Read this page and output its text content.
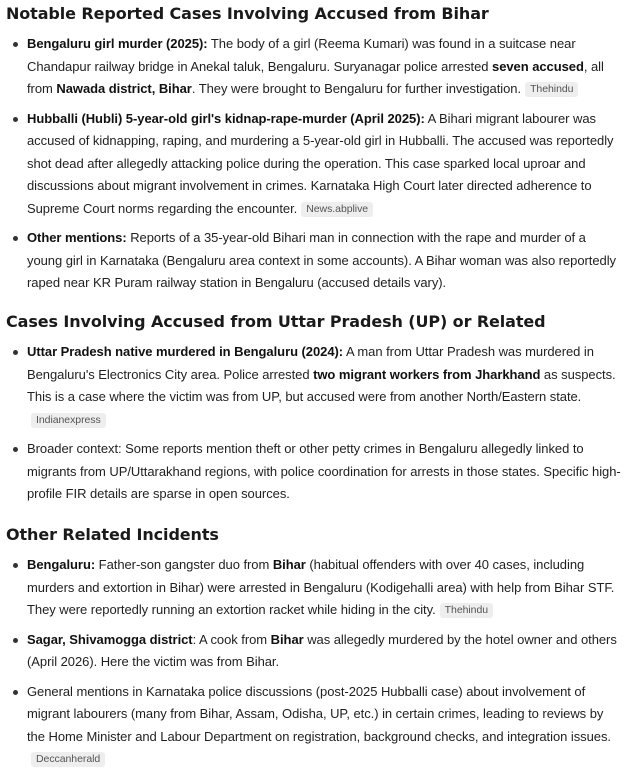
Notable Reported Cases Involving Accused from Bihar
Bengaluru girl murder (2025): The body of a girl (Reema Kumari) was found in a suitcase near Chandapur railway bridge in Anekal taluk, Bengaluru. Suryanagar police arrested seven accused, all from Nawada district, Bihar. They were brought to Bengaluru for further investigation. Thehindu
Hubballi (Hubli) 5-year-old girl's kidnap-rape-murder (April 2025): A Bihari migrant labourer was accused of kidnapping, raping, and murdering a 5-year-old girl in Hubballi. The accused was reportedly shot dead after allegedly attacking police during the operation. This case sparked local uproar and discussions about migrant involvement in crimes. Karnataka High Court later directed adherence to Supreme Court norms regarding the encounter. News.abplive
Other mentions: Reports of a 35-year-old Bihari man in connection with the rape and murder of a young girl in Karnataka (Bengaluru area context in some accounts). A Bihar woman was also reportedly raped near KR Puram railway station in Bengaluru (accused details vary).
Cases Involving Accused from Uttar Pradesh (UP) or Related
Uttar Pradesh native murdered in Bengaluru (2024): A man from Uttar Pradesh was murdered in Bengaluru's Electronics City area. Police arrested two migrant workers from Jharkhand as suspects. This is a case where the victim was from UP, but accused were from another North/Eastern state.Indianexpress
Broader context: Some reports mention theft or other petty crimes in Bengaluru allegedly linked to migrants from UP/Uttarakhand regions, with police coordination for arrests in those states. Specific high-profile FIR details are sparse in open sources.
Other Related Incidents
Bengaluru: Father-son gangster duo from Bihar (habitual offenders with over 40 cases, including murders and extortion in Bihar) were arrested in Bengaluru (Kodigehalli area) with help from Bihar STF. They were reportedly running an extortion racket while hiding in the city. Thehindu
Sagar, Shivamogga district: A cook from Bihar was allegedly murdered by the hotel owner and others (April 2026). Here the victim was from Bihar.
General mentions in Karnataka police discussions (post-2025 Hubballi case) about involvement of migrant labourers (many from Bihar, Assam, Odisha, UP, etc.) in certain crimes, leading to reviews by the Home Minister and Labour Department on registration, background checks, and integration issues.Deccanherald
